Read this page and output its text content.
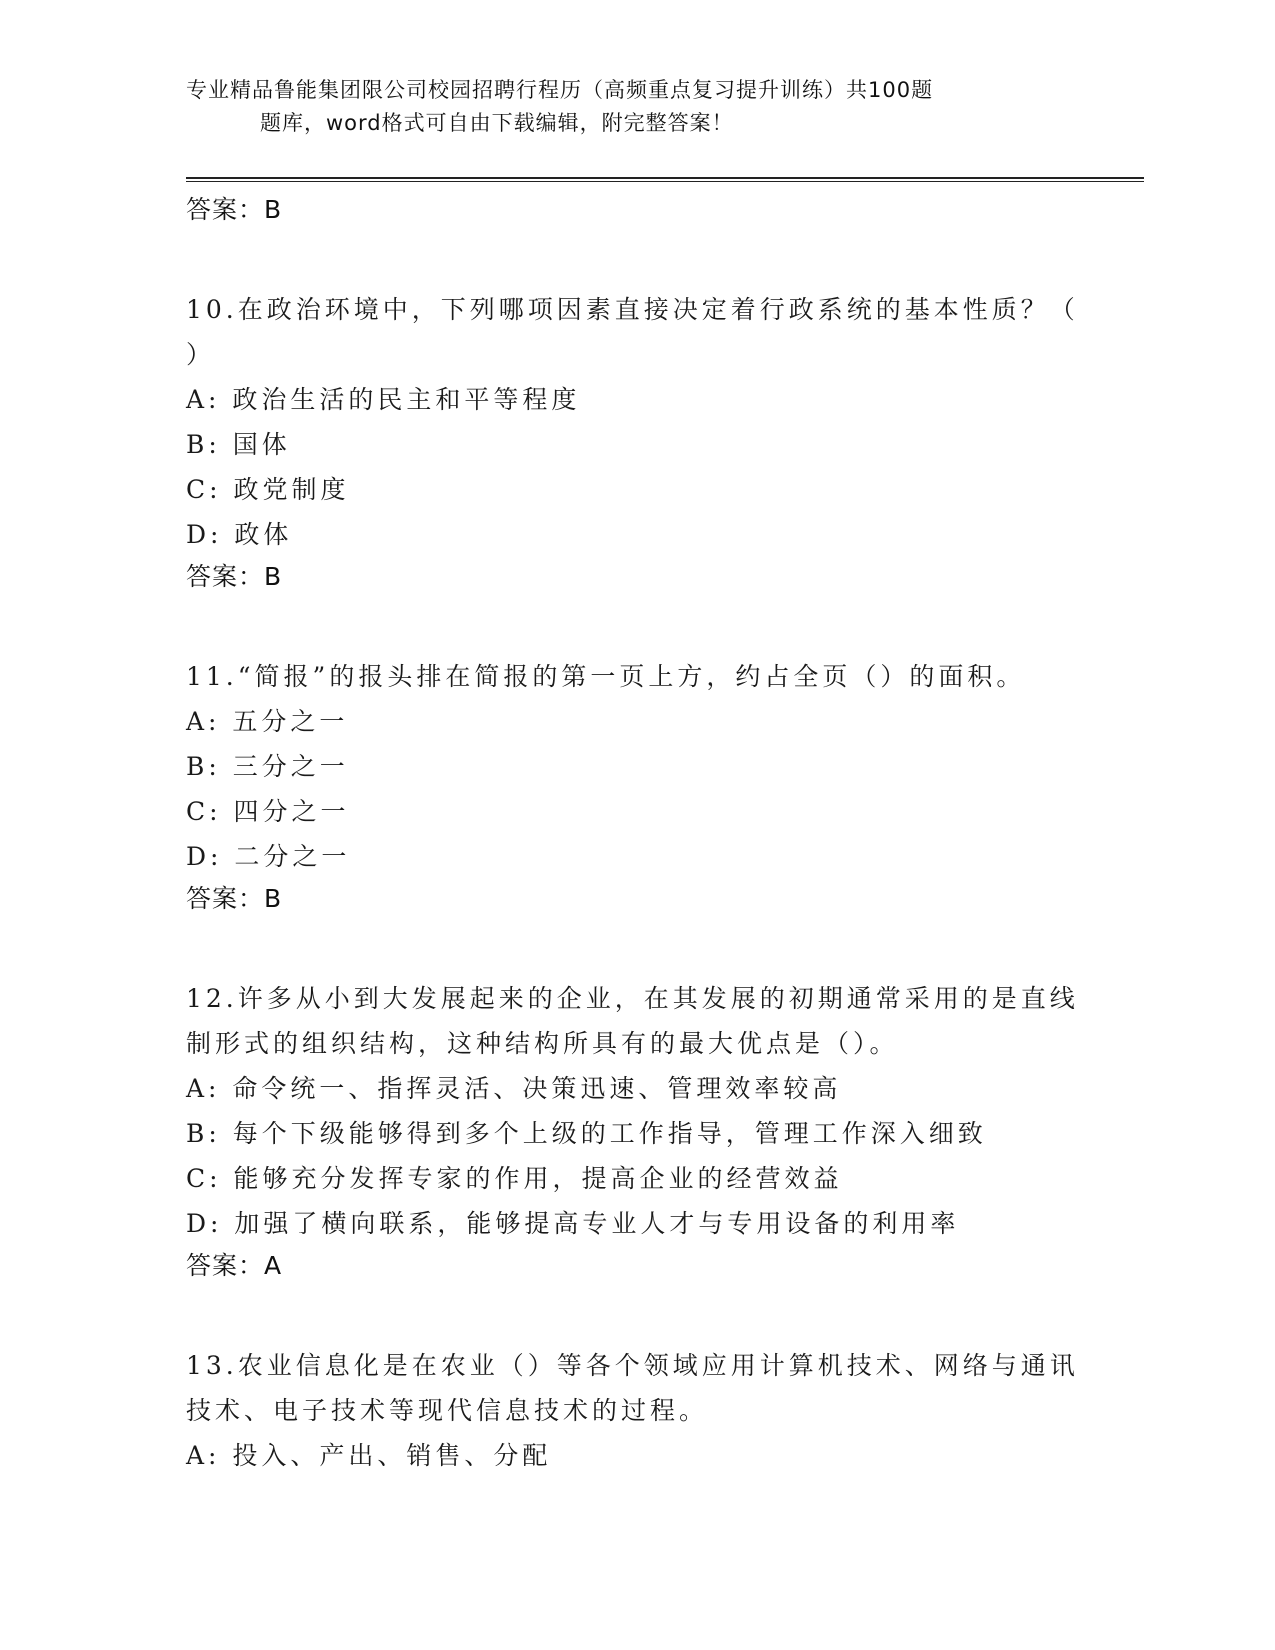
专业精品鲁能集团限公司校园招聘行程历（高频重点复习提升训练）共100题
题库，word格式可自由下载编辑，附完整答案！
答案：B
10.在政治环境中，下列哪项因素直接决定着行政系统的基本性质？（
）
A: 政治生活的民主和平等程度
B: 国体
C: 政党制度
D: 政体
答案：B
11.“简报”的报头排在简报的第一页上方，约占全页（）的面积。
A: 五分之一
B: 三分之一
C: 四分之一
D: 二分之一
答案：B
12.许多从小到大发展起来的企业，在其发展的初期通常采用的是直线
制形式的组织结构，这种结构所具有的最大优点是（）。
A: 命令统一、指挥灵活、决策迅速、管理效率较高
B: 每个下级能够得到多个上级的工作指导，管理工作深入细致
C: 能够充分发挥专家的作用，提高企业的经营效益
D: 加强了横向联系，能够提高专业人才与专用设备的利用率
答案：A
13.农业信息化是在农业（）等各个领域应用计算机技术、网络与通讯
技术、电子技术等现代信息技术的过程。
A: 投入、产出、销售、分配
